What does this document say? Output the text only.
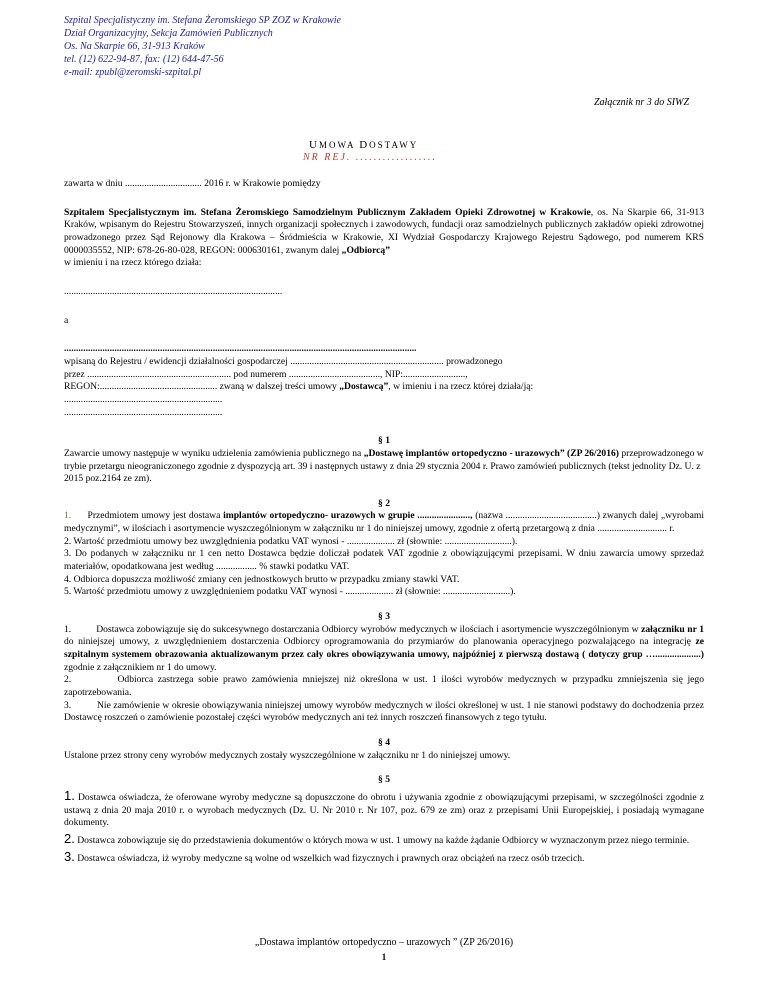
Szpital Specjalistyczny im. Stefana Żeromskiego SP ZOZ w Krakowie
Dział Organizacyjny, Sekcja Zamówień Publicznych
Os. Na Skarpie 66, 31-913 Kraków
tel. (12) 622-94-87, fax: (12) 644-47-56
e-mail: zpubl@zeromski-szpital.pl
Załącznik nr 3 do SIWZ
UMOWA DOSTAWY
NR REJ. ..................

zawarta w dniu ................................ 2016 r. w Krakowie pomiędzy

Szpitalem Specjalistycznym im. Stefana Żeromskiego Samodzielnym Publicznym Zakładem Opieki Zdrowotnej w Krakowie, os. Na Skarpie 66, 31-913 Kraków, wpisanym do Rejestru Stowarzyszeń, innych organizacji społecznych i zawodowych, fundacji oraz samodzielnych publicznych zakładów opieki zdrowotnej prowadzonego przez Sąd Rejonowy dla Krakowa – Śródmieścia w Krakowie, XI Wydział Gospodarczy Krajowego Rejestru Sądowego, pod numerem KRS 0000035552, NIP: 678-26-80-028, REGON: 000630161, zwanym dalej „Odbiorcą”

w imieniu i na rzecz którego działa:

...........................................................................................

a

...................................................................................................................................................

wpisaną do Rejestru / ewidencji działalności gospodarczej ................................................................ prowadzonego

przez ............................................................ pod numerem ......................................, NIP:..........................,

REGON:................................................. zwaną w dalszej treści umowy „Dostawcą”, w imieniu i na rzecz której działa/ją:

..................................................................

..................................................................

§ 1

Zawarcie umowy następuje w wyniku udzielenia zamówienia publicznego na „Dostawę implantów ortopedyczno - urazowych” (ZP 26/2016) przeprowadzonego w trybie przetargu nieograniczonego zgodnie z dyspozycją art. 39 i następnych ustawy z dnia 29 stycznia 2004 r. Prawo zamówień publicznych (tekst jednolity Dz. U. z 2015 poz.2164 ze zm).

§ 2

1. Przedmiotem umowy jest dostawa implantów ortopedyczno- urazowych w grupie ......................, (nazwa ......................................) zwanych dalej „wyrobami medycznymi”, w ilościach i asortymencie wyszczególnionym w załączniku nr 1 do niniejszej umowy, zgodnie z ofertą przetargową z dnia ............................. r.

2. Wartość przedmiotu umowy bez uwzględnienia podatku VAT wynosi - .................... zł (słownie: ............................).

3. Do podanych w załączniku nr 1 cen netto Dostawca będzie doliczał podatek VAT zgodnie z obowiązującymi przepisami. W dniu zawarcia umowy sprzedaż materiałów, opodatkowana jest według ................. % stawki podatku VAT.

4. Odbiorca dopuszcza możliwość zmiany cen jednostkowych brutto w przypadku zmiany stawki VAT.

5. Wartość przedmiotu umowy z uwzględnieniem podatku VAT wynosi - .................... zł (słownie: ............................).

§ 3

1.          Dostawca zobowiązuje się do sukcesywnego dostarczania Odbiorcy wyrobów medycznych w ilościach i asortymencie wyszczególnionym w załączniku nr 1 do niniejszej umowy, z uwzględnieniem dostarczenia Odbiorcy oprogramowania do przymiarów do planowania operacyjnego pozwalającego na integrację ze szpitalnym systemem obrazowania aktualizowanym przez cały okres obowiązywania umowy, najpóźniej z pierwszą dostawą ( dotyczy grup …...................) zgodnie z załącznikiem nr 1 do umowy.

2.          Odbiorca zastrzega sobie prawo zamówienia mniejszej niż określona w ust. 1 ilości wyrobów medycznych w przypadku zmniejszenia się jego zapotrzebowania.

3.          Nie zamówienie w okresie obowiązywania niniejszej umowy wyrobów medycznych w ilości określonej w ust. 1 nie stanowi podstawy do dochodzenia przez Dostawcę roszczeń o zamówienie pozostałej części wyrobów medycznych ani też innych roszczeń finansowych z tego tytułu.

§ 4

Ustalone przez strony ceny wyrobów medycznych zostały wyszczególnione w załączniku nr 1 do niniejszej umowy.

§ 5

1. Dostawca oświadcza, że oferowane wyroby medyczne są dopuszczone do obrotu i używania zgodnie z obowiązującymi przepisami, w szczególności zgodnie z ustawą z dnia 20 maja 2010 r. o wyrobach medycznych (Dz. U. Nr 2010 r. Nr 107, poz. 679 ze zm) oraz z przepisami Unii Europejskiej, i posiadają wymagane dokumenty.

2. Dostawca zobowiązuje się do przedstawienia dokumentów o których mowa w ust. 1 umowy na każde żądanie Odbiorcy w wyznaczonym przez niego terminie.

3. Dostawca oświadcza, iż wyroby medyczne są wolne od wszelkich wad fizycznych i prawnych oraz obciążeń na rzecz osób trzecich.

„Dostawa implantów ortopedyczno – urazowych ” (ZP 26/2016)
1
